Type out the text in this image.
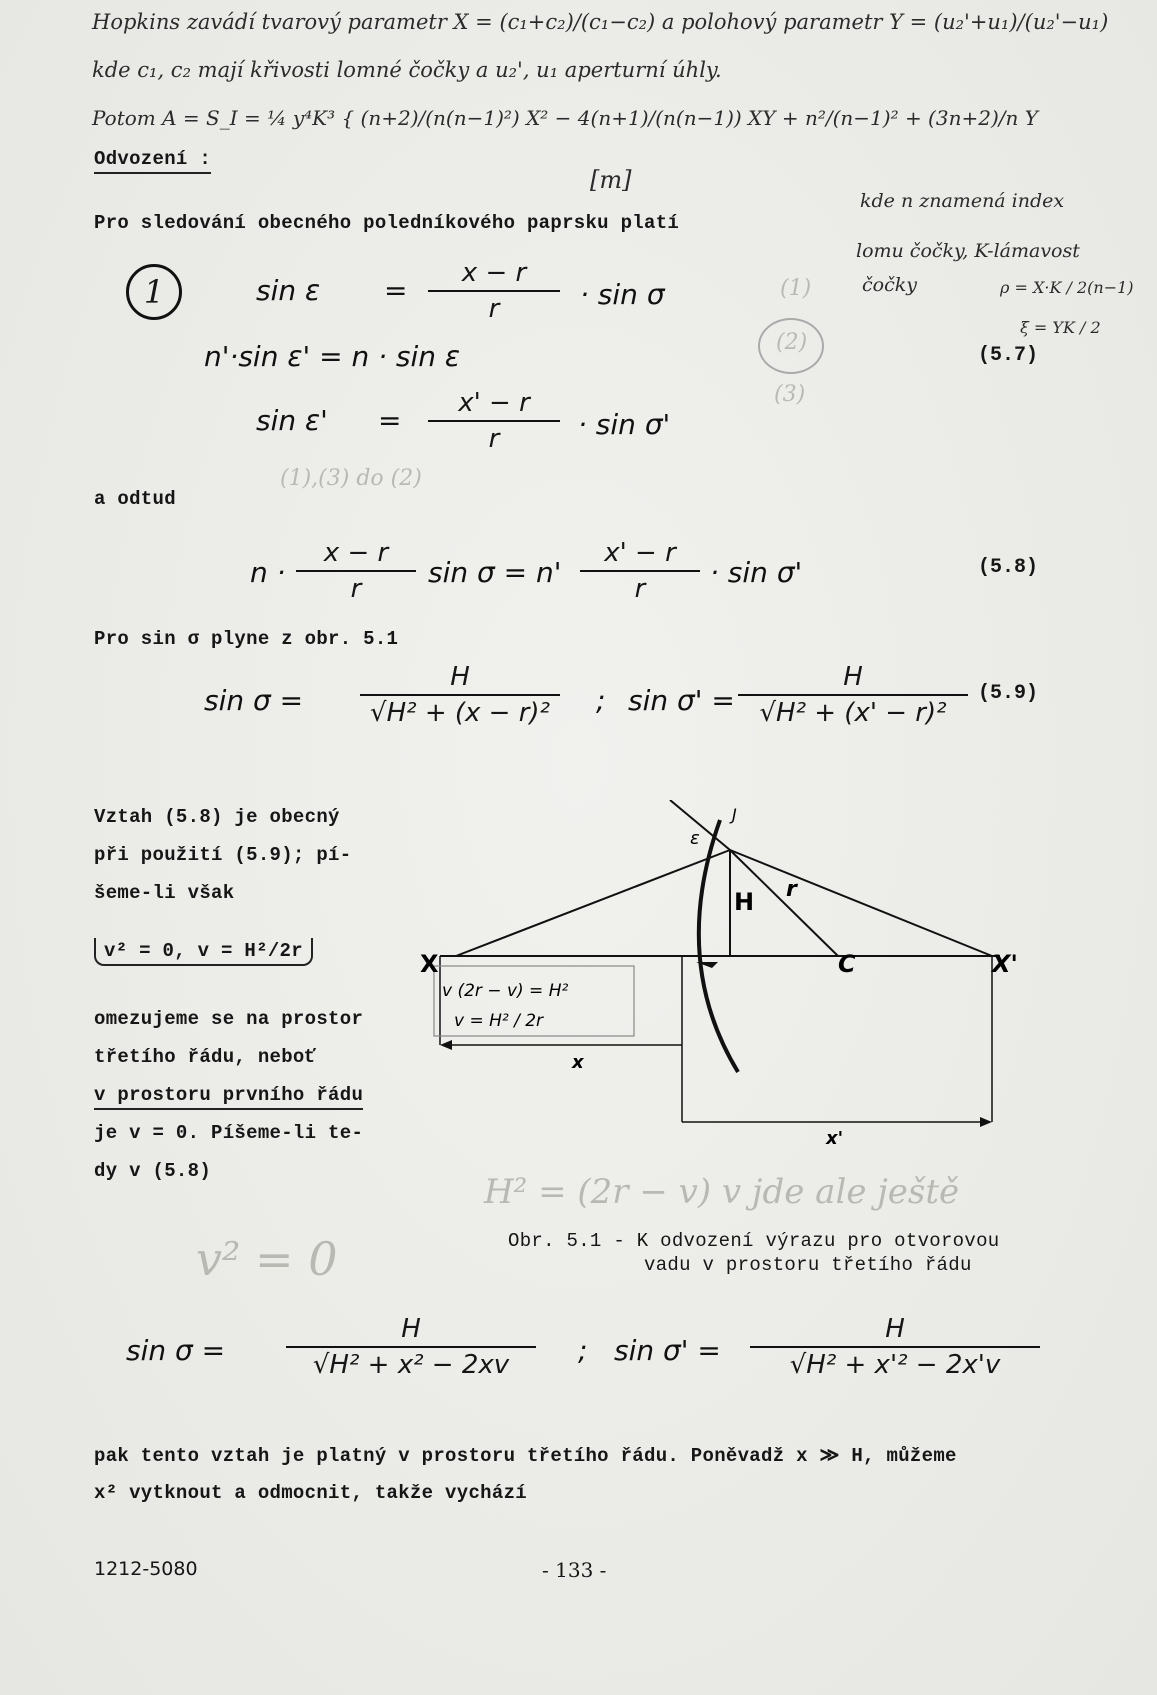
Hopkins zavádí tvarový parametr X = (c₁+c₂)/(c₁−c₂) a polohový parametr Y = (u₂'+u₁)/(u₂'−u₁)
kde c₁, c₂ mají křivosti lomné čočky a u₂', u₁ aperturní úhly.
Potom A = S_I = ¼ y⁴K³ { (n+2)/(n(n−1)²) X² − 4(n+1)/(n(n−1)) XY + n²/(n−1)² + (3n+2)/n Y
Odvození :
[m]
Pro sledování obecného poledníkového paprsku platí
kde n znamená index
lomu čočky, K-lámavost
čočky	ρ = X·K / 2(n−1)
ξ = YK / 2
1	sin ε =
x − r
r	· sin σ
n'·sin ε' = n · sin ε
sin ε' =
x' − r
r	· sin σ'
(1)
(2)
(3)
(5.7)
a odtud
(1),(3) do (2)
n ·
x − r
r	sin σ = n'
x' − r
r	· sin σ'	(5.8)
Pro sin σ plyne z obr. 5.1
sin σ =
H
√H² + (x − r)²	; sin σ' =
H
√H² + (x' − r)²
(5.9)
Vztah (5.8) je obecný
při použití (5.9); pí-
šeme-li však
v² = 0, v = H²/2r
omezujeme se na prostor
třetího řádu, neboť
v prostoru prvního řádu
je v = 0. Píšeme-li te-
dy v (5.8)
X	X'
C
H r
ε
J
x
x'
v (2r − v) = H²
v = H² / 2r
Obr. 5.1 - K odvození výrazu pro otvorovou
vadu v prostoru třetího řádu
H² = (2r − v) v jde ale ještě
v² = 0
sin σ =
H
√H² + x² − 2xv	; sin σ' =
H
√H² + x'² − 2x'v
pak tento vztah je platný v prostoru třetího řádu. Poněvadž x ≫ H, můžeme
x² vytknout a odmocnit, takže vychází
1212-5080	- 133 -
